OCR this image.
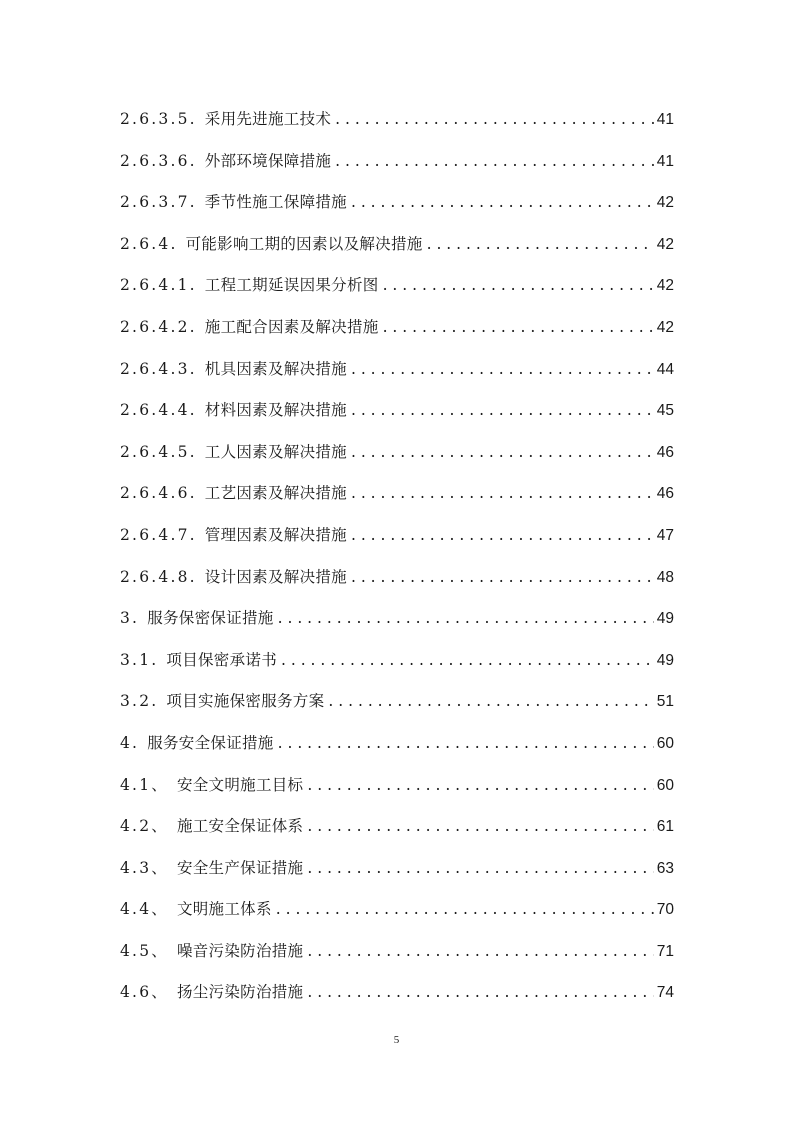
2.6.3.5. 采用先进施工技术 . . .	41
2.6.3.6. 外部环境保障措施 . . .	41
2.6.3.7. 季节性施工保障措施 . . .	42
2.6.4. 可能影响工期的因素以及解决措施 . . .	42
2.6.4.1. 工程工期延误因果分析图 . . .	42
2.6.4.2. 施工配合因素及解决措施 . . .	42
2.6.4.3. 机具因素及解决措施 . . .	44
2.6.4.4. 材料因素及解决措施 . . .	45
2.6.4.5. 工人因素及解决措施 . . .	46
2.6.4.6. 工艺因素及解决措施 . . .	46
2.6.4.7. 管理因素及解决措施 . . .	47
2.6.4.8. 设计因素及解决措施 . . .	48
3. 服务保密保证措施 . . .	49
3.1. 项目保密承诺书 . . .	49
3.2. 项目实施保密服务方案 . . .	51
4. 服务安全保证措施 . . .	60
4.1、 安全文明施工目标 . . .	60
4.2、 施工安全保证体系 . . .	61
4.3、 安全生产保证措施 . . .	63
4.4、 文明施工体系 . . .	70
4.5、 噪音污染防治措施 . . .	71
4.6、 扬尘污染防治措施 . . .	74
5
